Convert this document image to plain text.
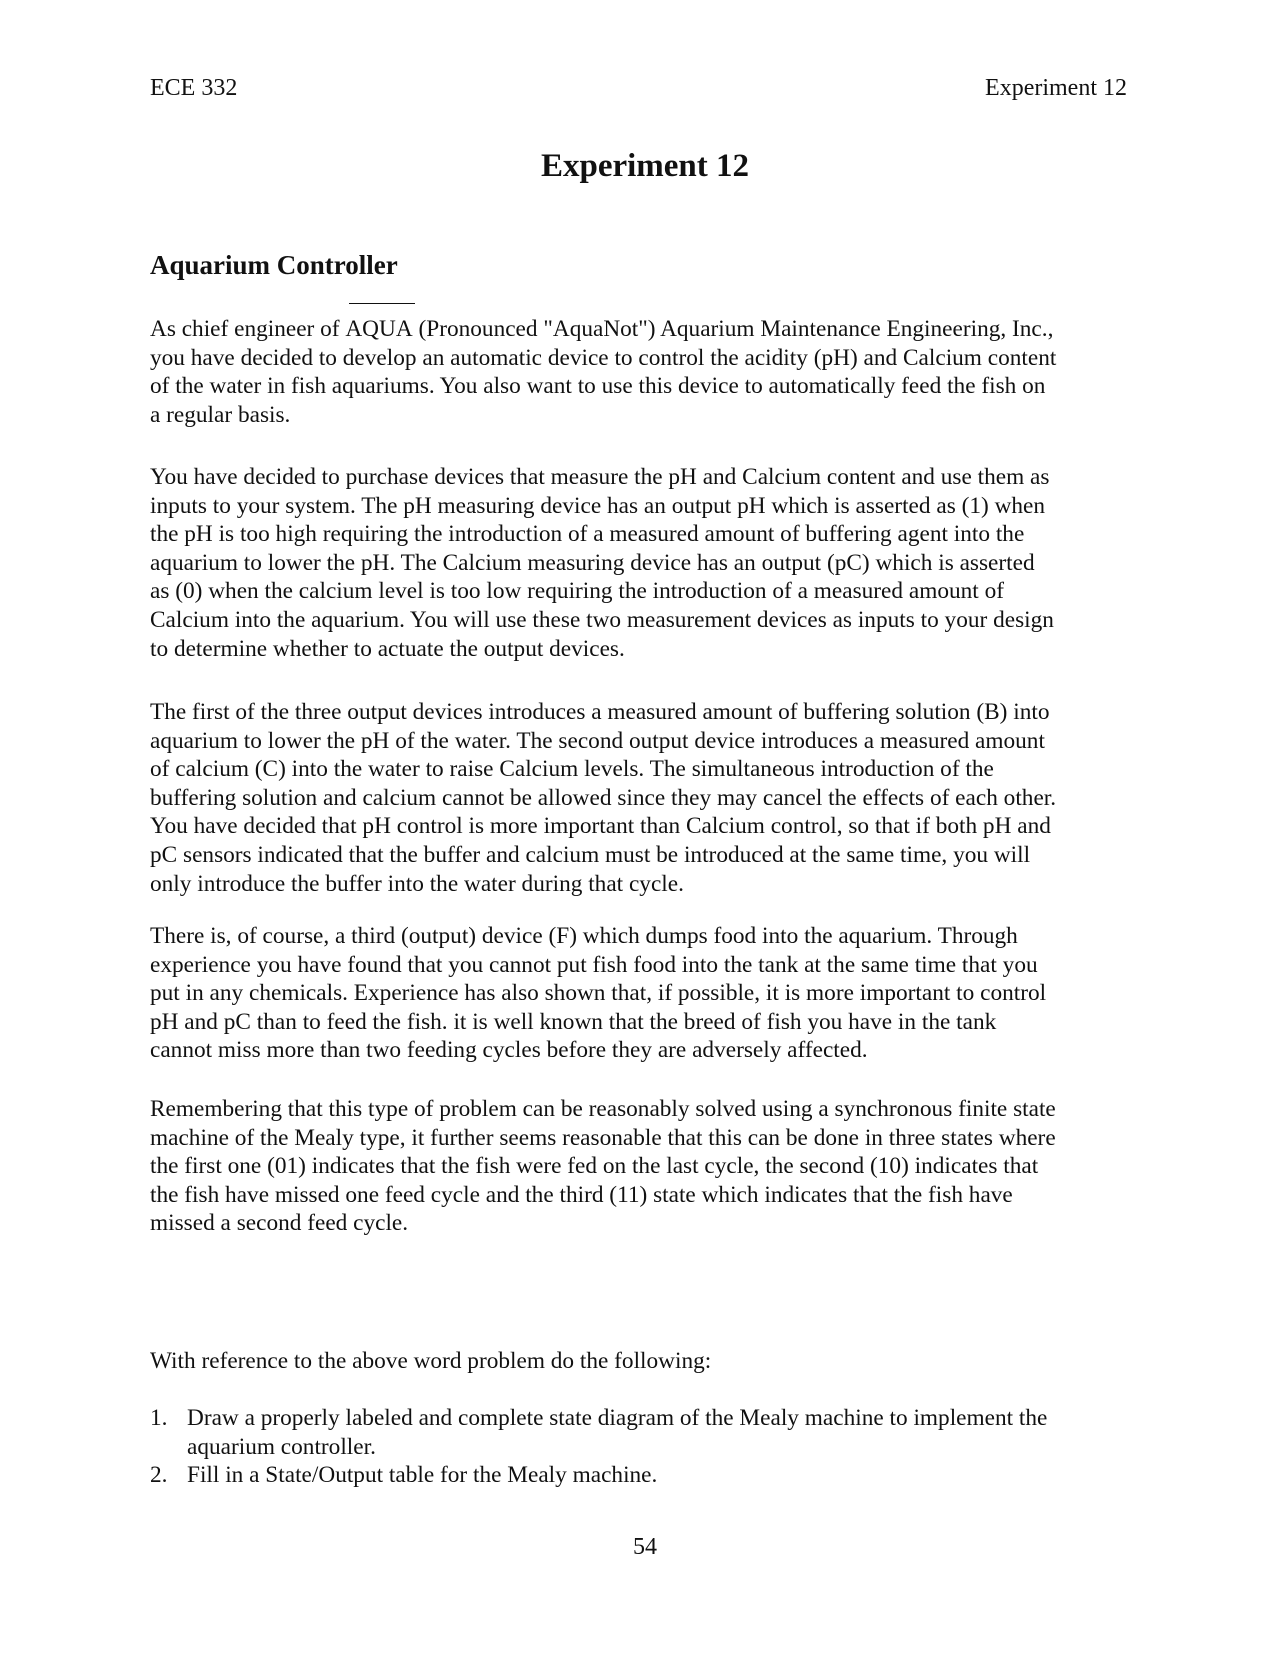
ECE 332	Experiment 12
Experiment 12
Aquarium Controller

As chief engineer of AQUA (Pronounced "AquaNot") Aquarium Maintenance Engineering, Inc.,
you have decided to develop an automatic device to control the acidity (pH) and Calcium content
of the water in fish aquariums. You also want to use this device to automatically feed the fish on
a regular basis.

You have decided to purchase devices that measure the pH and Calcium content and use them as
inputs to your system. The pH measuring device has an output pH which is asserted as (1) when
the pH is too high requiring the introduction of a measured amount of buffering agent into the
aquarium to lower the pH. The Calcium measuring device has an output (pC) which is asserted
as (0) when the calcium level is too low requiring the introduction of a measured amount of
Calcium into the aquarium. You will use these two measurement devices as inputs to your design
to determine whether to actuate the output devices.

The first of the three output devices introduces a measured amount of buffering solution (B) into
aquarium to lower the pH of the water. The second output device introduces a measured amount
of calcium (C) into the water to raise Calcium levels. The simultaneous introduction of the
buffering solution and calcium cannot be allowed since they may cancel the effects of each other.
You have decided that pH control is more important than Calcium control, so that if both pH and
pC sensors indicated that the buffer and calcium must be introduced at the same time, you will
only introduce the buffer into the water during that cycle.

There is, of course, a third (output) device (F) which dumps food into the aquarium. Through
experience you have found that you cannot put fish food into the tank at the same time that you
put in any chemicals. Experience has also shown that, if possible, it is more important to control
pH and pC than to feed the fish. it is well known that the breed of fish you have in the tank
cannot miss more than two feeding cycles before they are adversely affected.

Remembering that this type of problem can be reasonably solved using a synchronous finite state
machine of the Mealy type, it further seems reasonable that this can be done in three states where
the first one (01) indicates that the fish were fed on the last cycle, the second (10) indicates that
the fish have missed one feed cycle and the third (11) state which indicates that the fish have
missed a second feed cycle.

With reference to the above word problem do the following:

1. Draw a properly labeled and complete state diagram of the Mealy machine to implement the
aquarium controller.
2. Fill in a State/Output table for the Mealy machine.
54
